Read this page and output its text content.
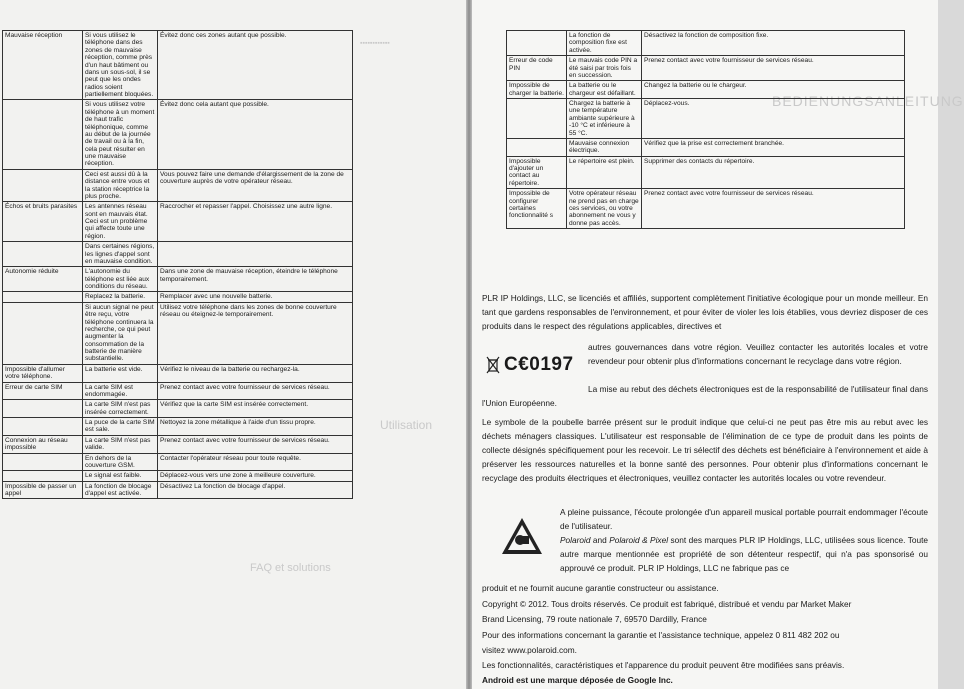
▪▪▪▪▪▪▪▪▪▪▪▪
Utilisation
FAQ et solutions
Mauvaise réception	Si vous utilisez le téléphone dans des zones de mauvaise réception, comme près d'un haut bâtiment ou dans un sous-sol, il se peut que les ondes radios soient partiellement bloquées.	Évitez donc ces zones autant que possible.
	Si vous utilisez votre téléphone à un moment de haut trafic téléphonique, comme au début de la journée de travail ou à la fin, cela peut résulter en une mauvaise réception.	Évitez donc cela autant que possible.
	Ceci est aussi dû à la distance entre vous et la station réceptrice la plus proche.	Vous pouvez faire une demande d'élargissement de la zone de couverture auprès de votre opérateur réseau.
Échos et bruits parasites	Les antennes réseau sont en mauvais état. Ceci est un problème qui affecte toute une région.	Raccrocher et repasser l'appel. Choisissez une autre ligne.
	Dans certaines régions, les lignes d'appel sont en mauvaise condition.	
Autonomie réduite	L'autonomie du téléphone est liée aux conditions du réseau.	Dans une zone de mauvaise réception, éteindre le téléphone temporairement.
	Replacez la batterie.	Remplacer avec une nouvelle batterie.
	Si aucun signal ne peut être reçu, votre téléphone continuera la recherche, ce qui peut augmenter la consommation de la batterie de manière substantielle.	Utilisez votre téléphone dans les zones de bonne couverture réseau ou éteignez-le temporairement.
Impossible d'allumer votre téléphone.	La batterie est vide.	Vérifiez le niveau de la batterie ou rechargez-la.
Erreur de carte SIM	La carte SIM est endommagée.	Prenez contact avec votre fournisseur de services réseau.
	La carte SIM n'est pas insérée correctement.	Vérifiez que la carte SIM est insérée correctement.
	La puce de la carte SIM est sale.	Nettoyez la zone métallique à l'aide d'un tissu propre.
Connexion au réseau impossible	La carte SIM n'est pas valide.	Prenez contact avec votre fournisseur de services réseau.
	En dehors de la couverture GSM.	Contacter l'opérateur réseau pour toute requête.
	Le signal est faible.	Déplacez-vous vers une zone à meilleure couverture.
Impossible de passer un appel	La fonction de blocage d'appel est activée.	Désactivez La fonction de blocage d'appel.
BEDIENUNGSANLEITUNG
	La fonction de composition fixe est activée.	Désactivez la fonction de composition fixe.
Erreur de code PIN	Le mauvais code PIN a été saisi par trois fois en succession.	Prenez contact avec votre fournisseur de services réseau.
Impossible de charger la batterie.	La batterie ou le chargeur est défaillant.	Changez la batterie ou le chargeur.
	Chargez la batterie à une température ambiante supérieure à -10 °C et inférieure à 55 °C.	Déplacez-vous.
	Mauvaise connexion électrique.	Vérifiez que la prise est correctement branchée.
Impossible d'ajouter un contact au répertoire.	Le répertoire est plein.	Supprimer des contacts du répertoire.
Impossible de configurer certaines fonctionnalité s	Votre opérateur réseau ne prend pas en charge ces services, ou votre abonnement ne vous y donne pas accès.	Prenez contact avec votre fournisseur de services réseau.
PLR IP Holdings, LLC, se licenciés et affiliés, supportent complètement l'initiative écologique pour un monde meilleur. En tant que gardens responsables de l'environnement, et pour éviter de violer les lois établies, vous devriez disposer de ces produits dans le respect des régulations applicables, directives et
C€0197
autres gouvernances dans votre région. Veuillez contacter les autorités locales et votre revendeur pour obtenir plus d'informations concernant le recyclage dans votre région.
La mise au rebut des déchets électroniques est de la responsabilité de l'utilisateur final dans l'Union Européenne.
Le symbole de la poubelle barrée présent sur le produit indique que celui-ci ne peut pas être mis au rebut avec les déchets ménagers classiques. L'utilisateur est responsable de l'élimination de ce type de produit dans les points de collecte désignés spécifiquement pour les recevoir. Le tri sélectif des déchets est bénéficiaire à l'environnement et aide à préserver les ressources naturelles et la bonne santé des personnes. Pour obtenir plus d'informations concernant le recyclage des produits électriques et électroniques, veuillez contacter les autorités locales ou votre revendeur.
A pleine puissance, l'écoute prolongée d'un appareil musical portable pourrait endommager l'écoute de l'utilisateur.
Polaroid and Polaroid & Pixel sont des marques PLR IP Holdings, LLC, utilisées sous licence. Toute autre marque mentionnée est propriété de son détenteur respectif, qui n'a pas sponsorisé ou approuvé ce produit. PLR IP Holdings, LLC ne fabrique pas ce
produit et ne fournit aucune garantie constructeur ou assistance.
Copyright © 2012. Tous droits réservés. Ce produit est fabriqué, distribué et vendu par Market Maker
Brand Licensing, 79 route nationale 7, 69570 Dardilly, France
Pour des informations concernant la garantie et l'assistance technique, appelez 0 811 482 202 ou
visitez www.polaroid.com.
Les fonctionnalités, caractéristiques et l'apparence du produit peuvent être modifiées sans préavis.
Android est une marque déposée de Google Inc.
